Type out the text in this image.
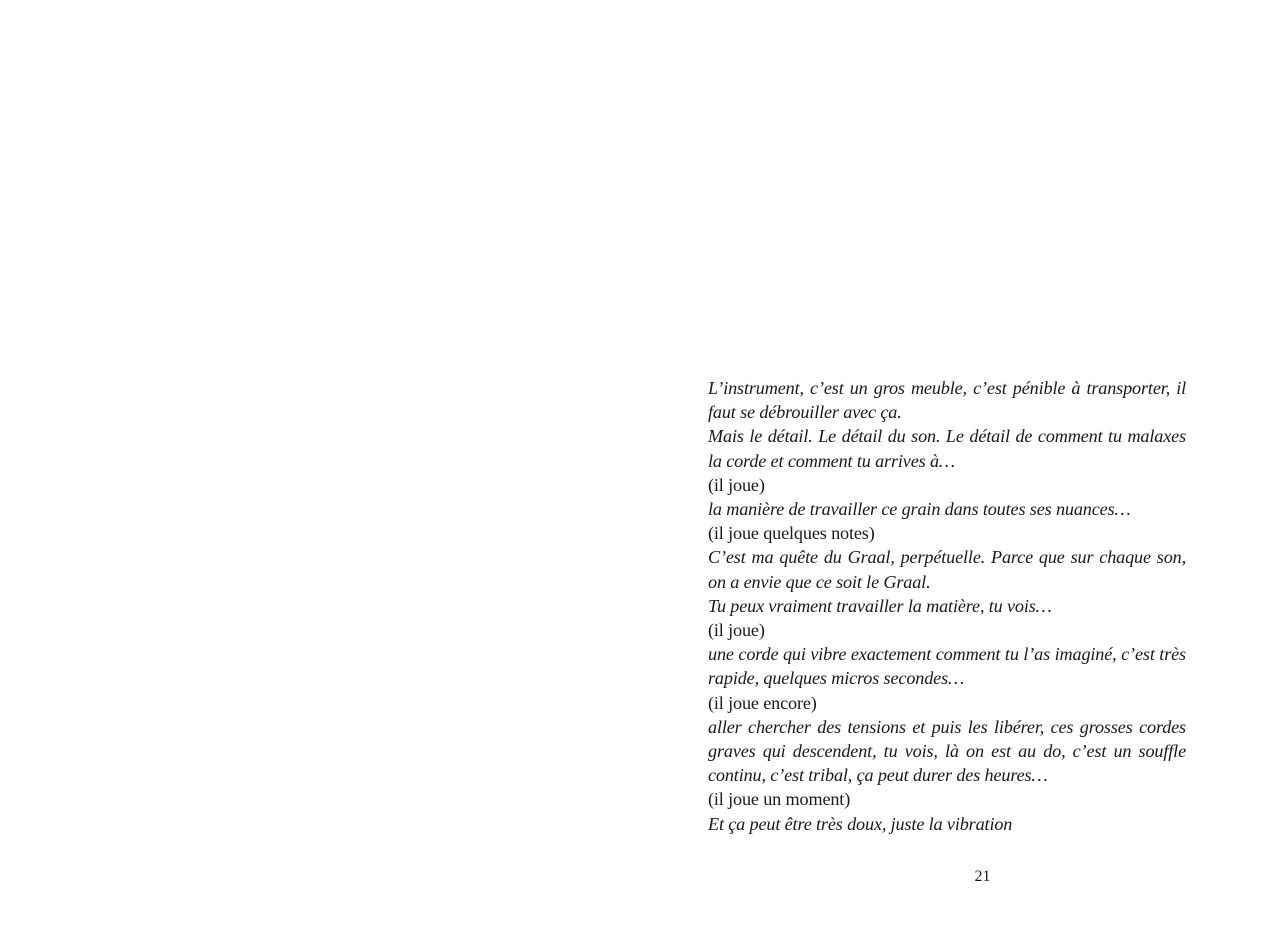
L’instrument, c’est un gros meuble, c’est pénible à transporter, il faut se débrouiller avec ça.
Mais le détail. Le détail du son. Le détail de comment tu malaxes la corde et comment tu arrives à…
(il joue)
la manière de travailler ce grain dans toutes ses nuances…
(il joue quelques notes)
C’est ma quête du Graal, perpétuelle. Parce que sur chaque son, on a envie que ce soit le Graal.
Tu peux vraiment travailler la matière, tu vois…
(il joue)
une corde qui vibre exactement comment tu l’as imaginé, c’est très rapide, quelques micros secondes…
(il joue encore)
aller chercher des tensions et puis les libérer, ces grosses cordes graves qui descendent, tu vois, là on est au do, c’est un souffle continu, c’est tribal, ça peut durer des heures…
(il joue un moment)
Et ça peut être très doux, juste la vibration
21
